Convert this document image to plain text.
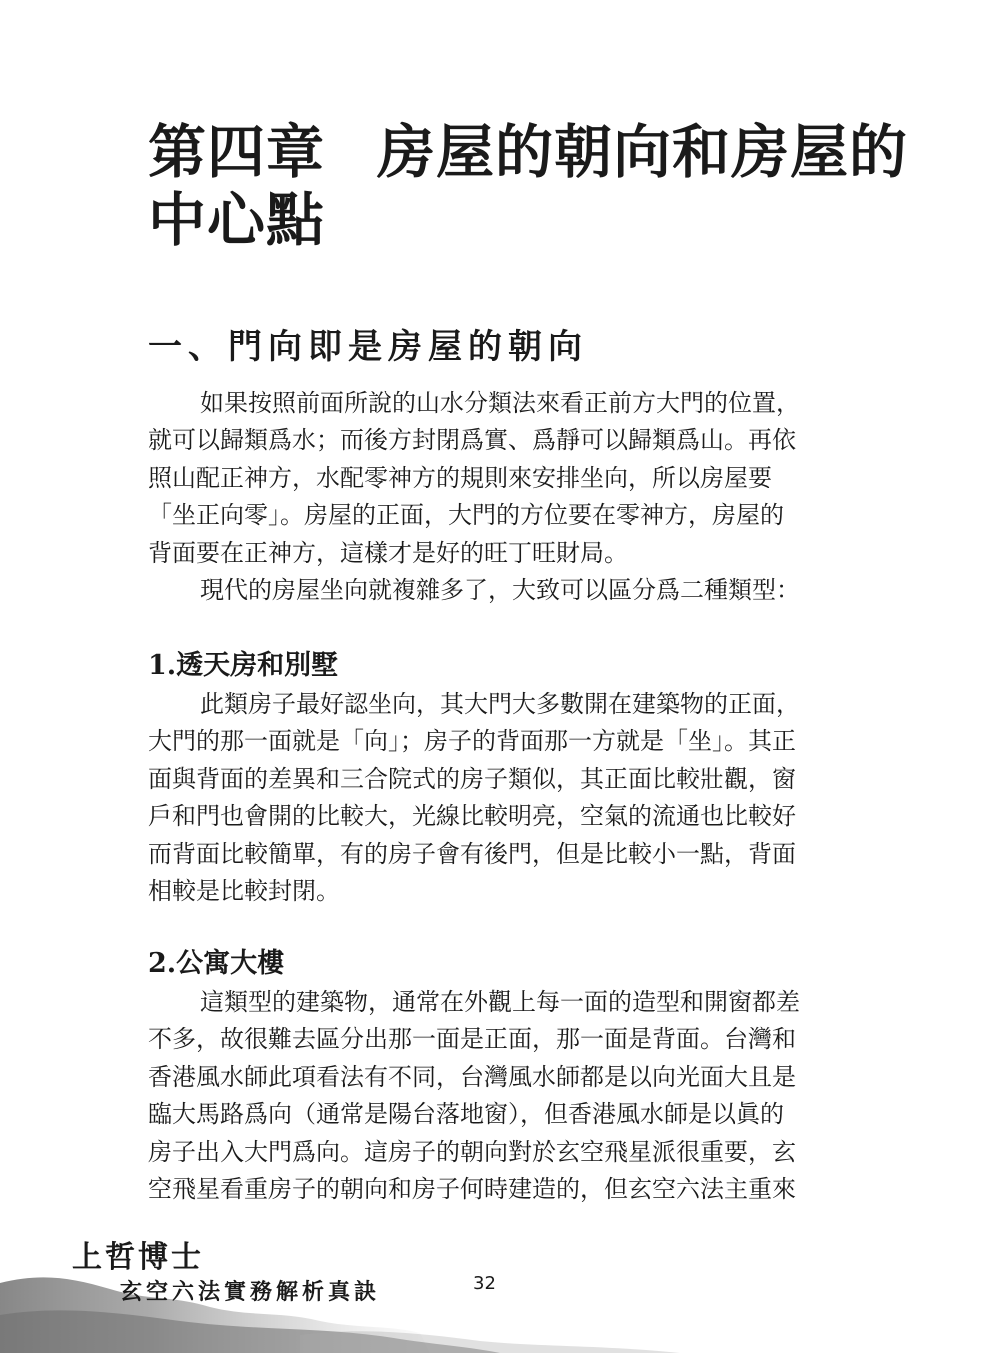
第四章 房屋的朝向和房屋的
中心點
一、門向即是房屋的朝向
如果按照前面所說的山水分類法來看正前方大門的位置，
就可以歸類爲水；而後方封閉爲實、爲靜可以歸類爲山。再依
照山配正神方，水配零神方的規則來安排坐向，所以房屋要
「坐正向零」。房屋的正面，大門的方位要在零神方，房屋的
背面要在正神方，這樣才是好的旺丁旺財局。
現代的房屋坐向就複雜多了，大致可以區分爲二種類型：
1.透天房和別墅
此類房子最好認坐向，其大門大多數開在建築物的正面，
大門的那一面就是「向」；房子的背面那一方就是「坐」。其正
面與背面的差異和三合院式的房子類似，其正面比較壯觀，窗
戶和門也會開的比較大，光線比較明亮，空氣的流通也比較好
而背面比較簡單，有的房子會有後門，但是比較小一點，背面
相較是比較封閉。
2.公寓大樓
這類型的建築物，通常在外觀上每一面的造型和開窗都差
不多，故很難去區分出那一面是正面，那一面是背面。台灣和
香港風水師此項看法有不同，台灣風水師都是以向光面大且是
臨大馬路爲向（通常是陽台落地窗），但香港風水師是以眞的
房子出入大門爲向。這房子的朝向對於玄空飛星派很重要，玄
空飛星看重房子的朝向和房子何時建造的，但玄空六法主重來
上哲博士
玄空六法實務解析真訣	32
